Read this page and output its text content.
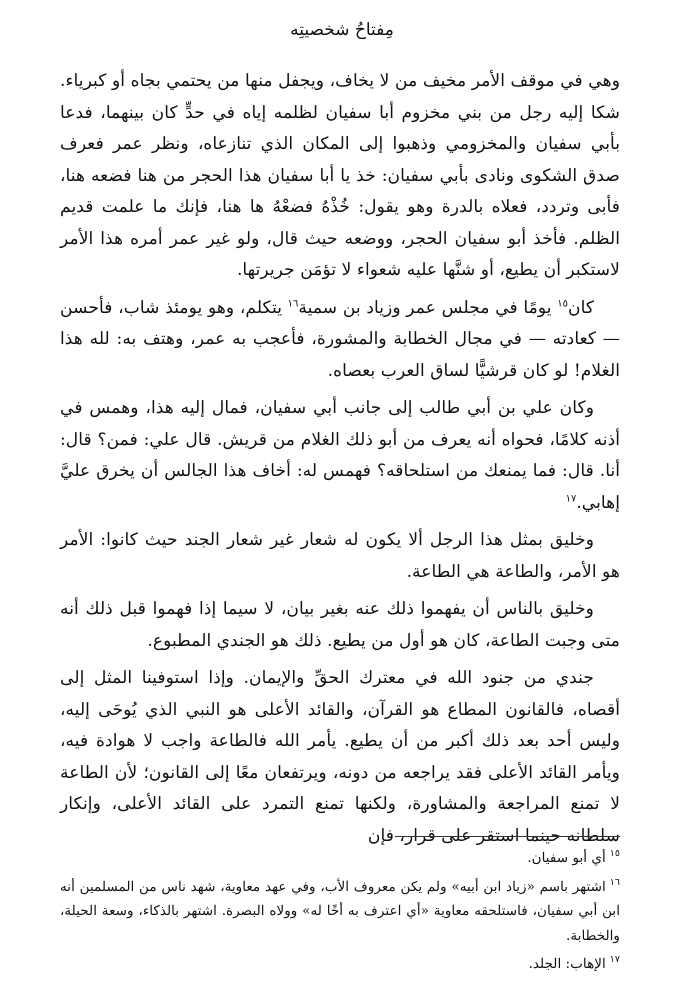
مِفتاحُ شخصيتِه

وهي في موقف الأمر مخيف من لا يخاف، ويجفل منها من يحتمي بجاه أو كبرياء. شكا إليه رجل من بني مخزوم أبا سفيان لظلمه إياه في حدٍّ كان بينهما، فدعا بأبي سفيان والمخزومي وذهبوا إلى المكان الذي تنازعاه، ونظر عمر فعرف صدق الشكوى ونادى بأبي سفيان: خذ يا أبا سفيان هذا الحجر من هنا فضعه هنا، فأبى وتردد، فعلاه بالدرة وهو يقول: خُذْهُ فضعْهُ ها هنا، فإنك ما علمت قديم الظلم. فأخذ أبو سفيان الحجر، ووضعه حيث قال، ولو غير عمر أمره هذا الأمر لاستكبر أن يطيع، أو شنَّها عليه شعواء لا تؤمَن جريرتها.

كان$^{١٥}$ يومًا في مجلس عمر وزياد بن سمية$^{١٦}$ يتكلم، وهو يومئذ شاب، فأحسن — كعادته — في مجال الخطابة والمشورة، فأعجب به عمر، وهتف به: لله هذا الغلام! لو كان قرشيًّا لساق العرب بعصاه.

وكان علي بن أبي طالب إلى جانب أبي سفيان، فمال إليه هذا، وهمس في أذنه كلامًا، فحواه أنه يعرف من أبو ذلك الغلام من قريش. قال علي: فمن؟ قال: أنا. قال: فما يمنعك من استلحاقه؟ فهمس له: أخاف هذا الجالس أن يخرق عليَّ إهابي.$^{١٧}$

وخليق بمثل هذا الرجل ألا يكون له شعار غير شعار الجند حيث كانوا: الأمر هو الأمر، والطاعة هي الطاعة.

وخليق بالناس أن يفهموا ذلك عنه بغير بيان، لا سيما إذا فهموا قبل ذلك أنه متى وجبت الطاعة، كان هو أول من يطيع. ذلك هو الجندي المطبوع.

جندي من جنود الله في معترك الحقِّ والإيمان. وإذا استوفينا المثل إلى أقصاه، فالقانون المطاع هو القرآن، والقائد الأعلى هو النبي الذي يُوحَى إليه، وليس أحد بعد ذلك أكبر من أن يطيع. يأمر الله فالطاعة واجب لا هوادة فيه، ويأمر القائد الأعلى فقد يراجعه من دونه، ويرتفعان معًا إلى القانون؛ لأن الطاعة لا تمنع المراجعة والمشاورة، ولكنها تمنع التمرد على القائد الأعلى، وإنكار سلطانه حينما استقر على قرار، فإن

$^{١٥}$أي أبو سفيان.

$^{١٦}$اشتهر باسم «زياد ابن أبيه» ولم يكن معروف الأب، وفي عهد معاوية، شهد ناس من المسلمين أنه ابن أبي سفيان، فاستلحقه معاوية «أي اعترف به أخًا له» وولاه البصرة. اشتهر بالذكاء، وسعة الحيلة، والخطابة.

$^{١٧}$الإهاب: الجلد.
